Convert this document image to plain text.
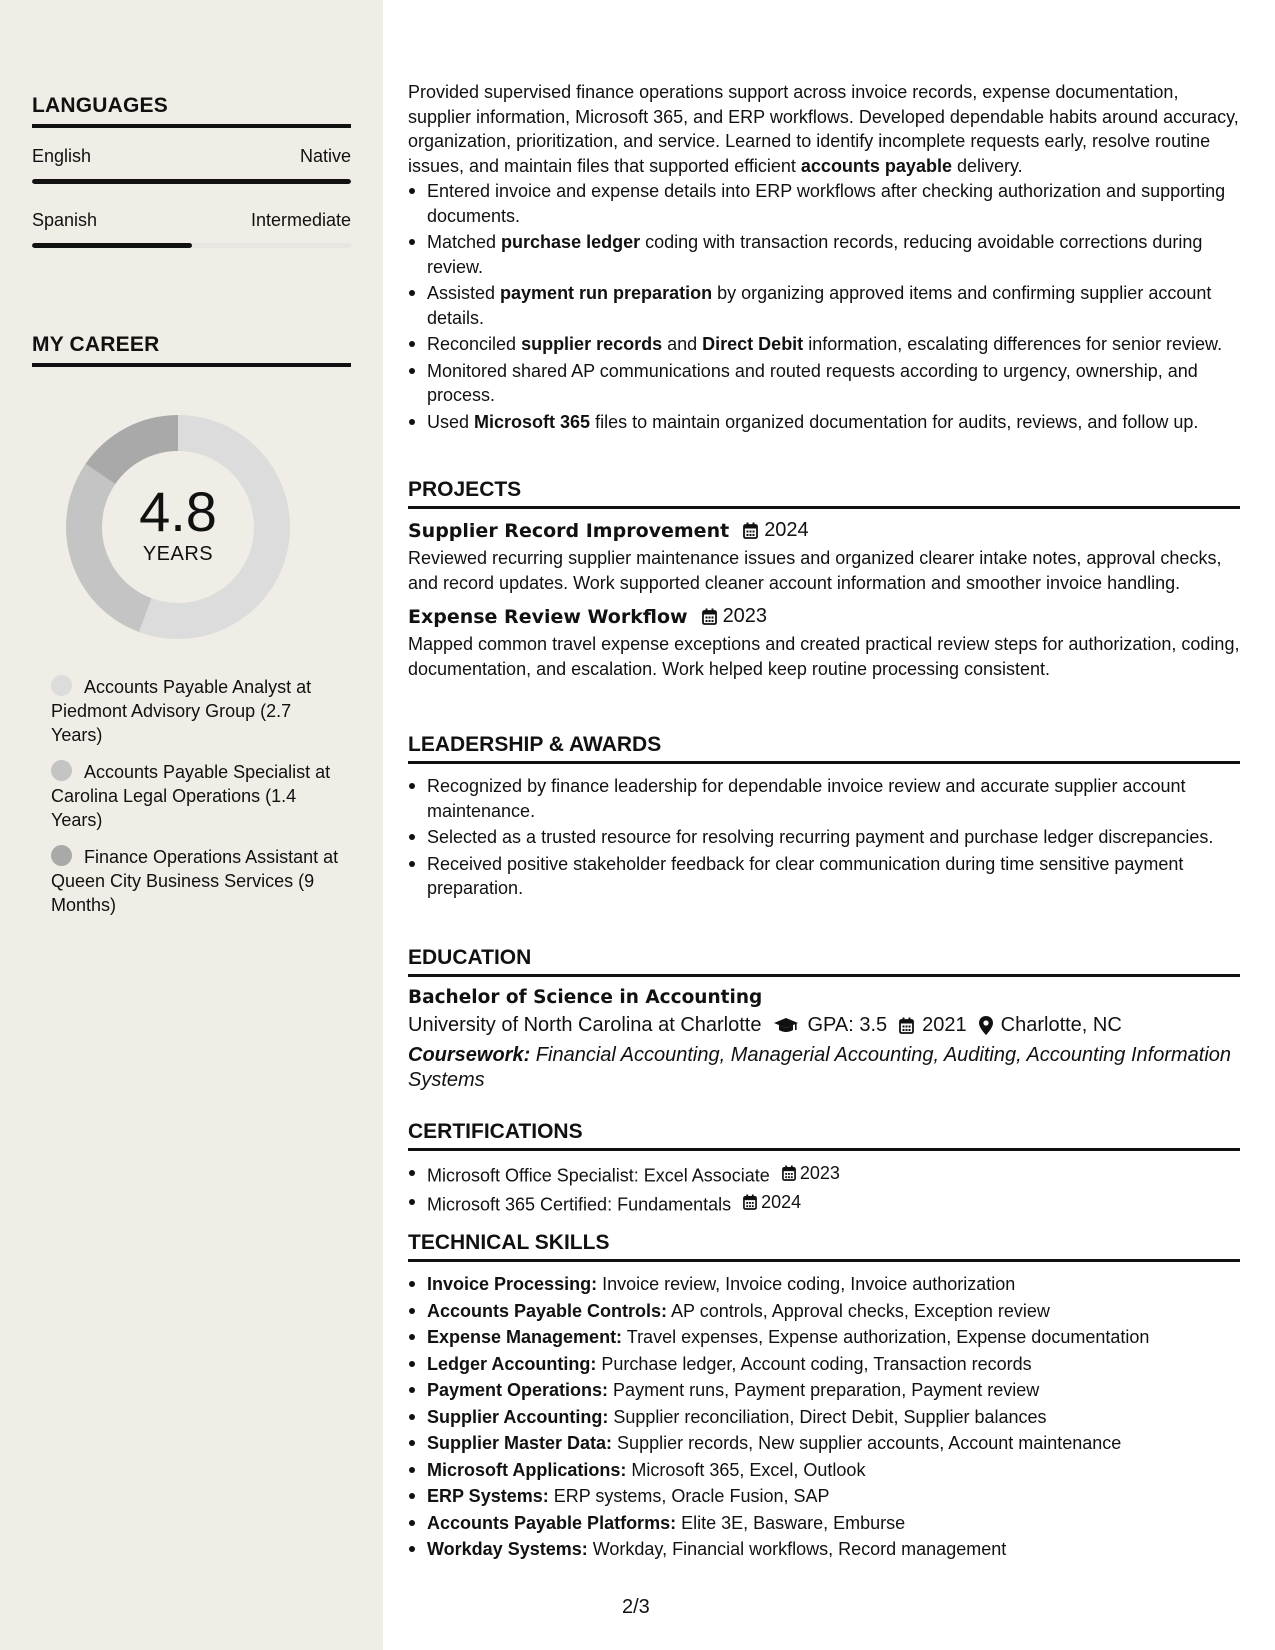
LANGUAGES
English	Native
Spanish	Intermediate
MY CAREER
4.8
YEARS
Accounts Payable Analyst at Piedmont Advisory Group (2.7 Years)
Accounts Payable Specialist at Carolina Legal Operations (1.4 Years)
Finance Operations Assistant at Queen City Business Services (9 Months)

Provided supervised finance operations support across invoice records, expense documentation, supplier information, Microsoft 365, and ERP workflows. Developed dependable habits around accuracy, organization, prioritization, and service. Learned to identify incomplete requests early, resolve routine issues, and maintain files that supported efficient accounts payable delivery.

Entered invoice and expense details into ERP workflows after checking authorization and supporting documents.
Matched purchase ledger coding with transaction records, reducing avoidable corrections during review.
Assisted payment run preparation by organizing approved items and confirming supplier account details.
Reconciled supplier records and Direct Debit information, escalating differences for senior review.
Monitored shared AP communications and routed requests according to urgency, ownership, and process.
Used Microsoft 365 files to maintain organized documentation for audits, reviews, and follow up.
PROJECTS
Supplier Record Improvement 2024

Reviewed recurring supplier maintenance issues and organized clearer intake notes, approval checks, and record updates. Work supported cleaner account information and smoother invoice handling.

Expense Review Workflow 2023

Mapped common travel expense exceptions and created practical review steps for authorization, coding, documentation, and escalation. Work helped keep routine processing consistent.

LEADERSHIP & AWARDS
Recognized by finance leadership for dependable invoice review and accurate supplier account maintenance.
Selected as a trusted resource for resolving recurring payment and purchase ledger discrepancies.
Received positive stakeholder feedback for clear communication during time sensitive payment preparation.
EDUCATION
Bachelor of Science in Accounting
University of North Carolina at Charlotte GPA: 3.5 2021 Charlotte, NC

Coursework: Financial Accounting, Managerial Accounting, Auditing, Accounting Information Systems

CERTIFICATIONS
Microsoft Office Specialist: Excel Associate 2023
Microsoft 365 Certified: Fundamentals 2024
TECHNICAL SKILLS
Invoice Processing: Invoice review, Invoice coding, Invoice authorization
Accounts Payable Controls: AP controls, Approval checks, Exception review
Expense Management: Travel expenses, Expense authorization, Expense documentation
Ledger Accounting: Purchase ledger, Account coding, Transaction records
Payment Operations: Payment runs, Payment preparation, Payment review
Supplier Accounting: Supplier reconciliation, Direct Debit, Supplier balances
Supplier Master Data: Supplier records, New supplier accounts, Account maintenance
Microsoft Applications: Microsoft 365, Excel, Outlook
ERP Systems: ERP systems, Oracle Fusion, SAP
Accounts Payable Platforms: Elite 3E, Basware, Emburse
Workday Systems: Workday, Financial workflows, Record management
2/3
